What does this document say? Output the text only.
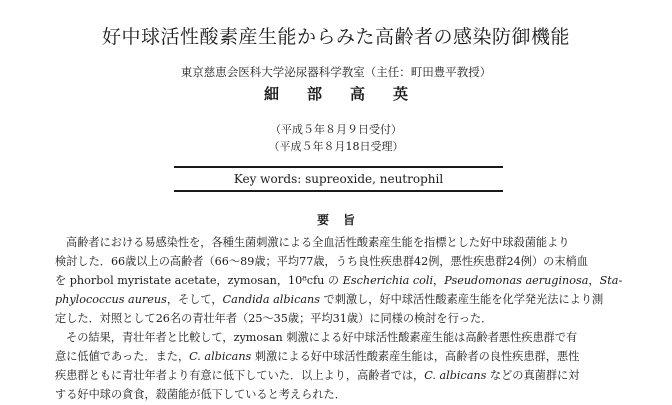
好中球活性酸素産生能からみた高齢者の感染防御機能
東京慈恵会医科大学泌尿器科学教室（主任：町田豊平教授）
細部高英
（平成５年８月９日受付）
（平成５年８月18日受理）
Key words: supreoxide, neutrophil
要旨
高齢者における易感染性を，各種生菌刺激による全血活性酸素産生能を指標とした好中球殺菌能より
検討した．66歳以上の高齢者（66～89歳；平均77歳，うち良性疾患群42例，悪性疾患群24例）の末梢血
を phorbol myristate acetate，zymosan，10⁸cfu の Escherichia coli，Pseudomonas aeruginosa，Sta-
phylococcus aureus，そして，Candida albicans で刺激し，好中球活性酸素産生能を化学発光法により測
定した．対照として26名の青壮年者（25～35歳；平均31歳）に同様の検討を行った．
その結果，青壮年者と比較して，zymosan 刺激による好中球活性酸素産生能は高齢者悪性疾患群で有
意に低値であった．また，C. albicans 刺激による好中球活性酸素産生能は，高齢者の良性疾患群，悪性
疾患群ともに青壮年者より有意に低下していた．以上より，高齢者では，C. albicans などの真菌群に対
する好中球の貪食，殺菌能が低下していると考えられた．
